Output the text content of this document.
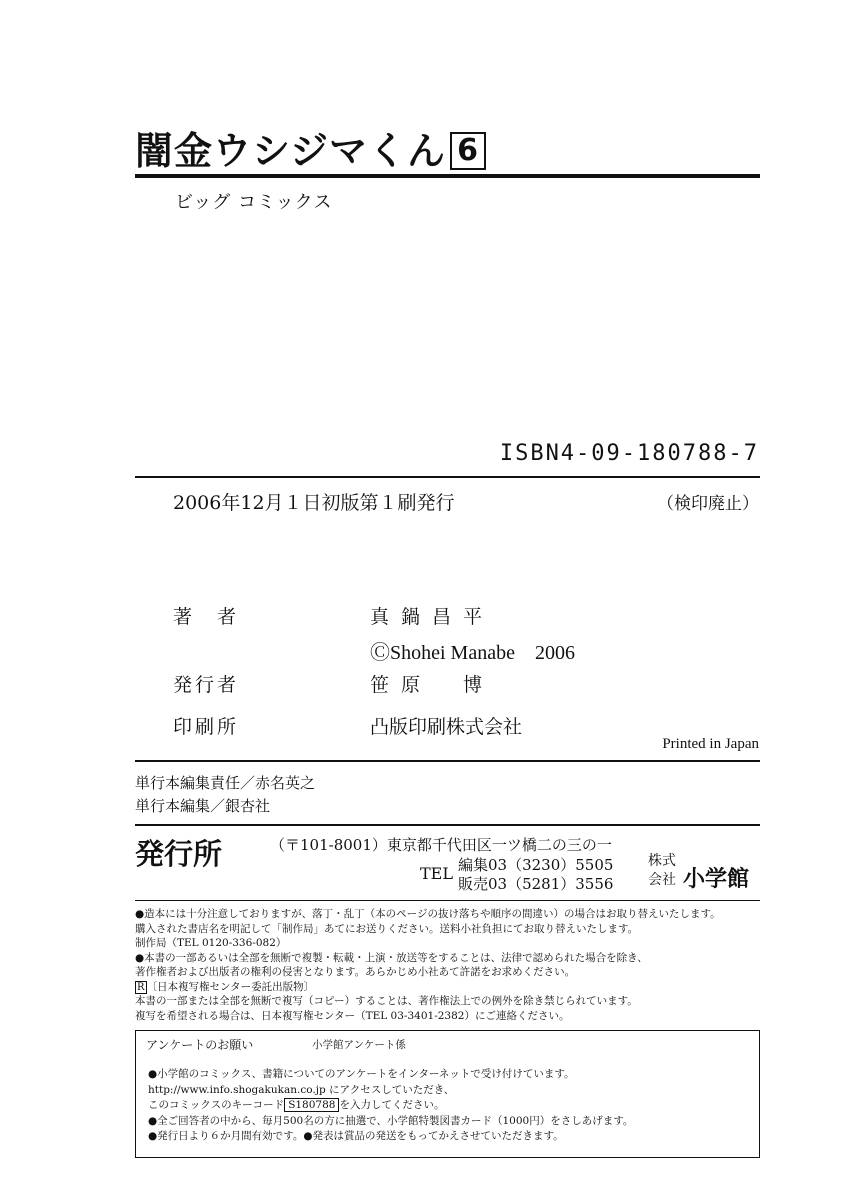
闇金ウシジマくん 6
ビッグ コミックス
ISBN4-09-180788-7
2006年12月１日初版第１刷発行	（検印廃止）
著　者	真鍋昌平
ⒸShohei Manabe　2006
発行者	笹原　博
印刷所	凸版印刷株式会社
Printed in Japan
単行本編集責任／赤名英之
単行本編集／銀杏社
発行所	（〒101-8001）東京都千代田区一ツ橋二の三の一
TEL 編集03（3230）5505
販売03（5281）3556
株式
会社 小学館
●造本には十分注意しておりますが、落丁・乱丁（本のページの抜け落ちや順序の間違い）の場合はお取り替えいたします。
購入された書店名を明記して「制作局」あてにお送りください。送料小社負担にてお取り替えいたします。
制作局（TEL 0120-336-082）
●本書の一部あるいは全部を無断で複製・転載・上演・放送等をすることは、法律で認められた場合を除き、
著作権者および出版者の権利の侵害となります。あらかじめ小社あて許諾をお求めください。
R 〔日本複写権センター委託出版物〕
本書の一部または全部を無断で複写（コピー）することは、著作権法上での例外を除き禁じられています。
複写を希望される場合は、日本複写権センター（TEL 03-3401-2382）にご連絡ください。
アンケートのお願い	小学館アンケート係
●小学館のコミックス、書籍についてのアンケートをインターネットで受け付けています。
http://www.info.shogakukan.co.jp にアクセスしていただき、
このコミックスのキーコード S180788 を入力してください。
●全ご回答者の中から、毎月500名の方に抽選で、小学館特製図書カード（1000円）をさしあげます。
●発行日より６か月間有効です。●発表は賞品の発送をもってかえさせていただきます。
